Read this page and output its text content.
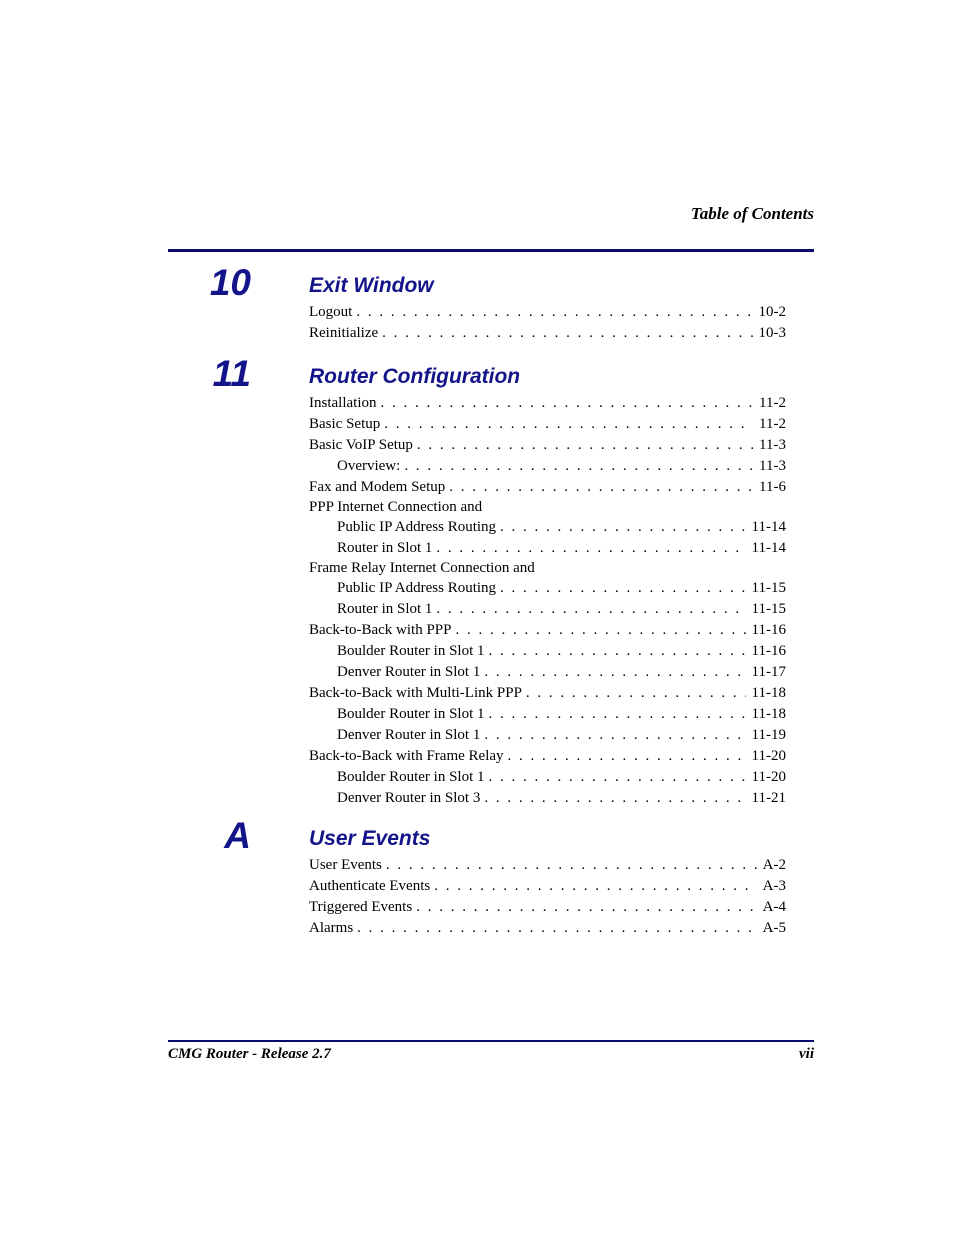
Table of Contents
10	Exit Window
Logout . . .	10-2
Reinitialize . . .	10-3
11	Router Configuration
Installation . . .	11-2
Basic Setup . . .	11-2
Basic VoIP Setup . . .	11-3
Overview: . . .	11-3
Fax and Modem Setup . . .	11-6
PPP Internet Connection and
Public IP Address Routing . . .	11-14
Router in Slot 1 . . .	11-14
Frame Relay Internet Connection and
Public IP Address Routing . . .	11-15
Router in Slot 1 . . .	11-15
Back-to-Back with PPP . . .	11-16
Boulder Router in Slot 1 . . .	11-16
Denver Router in Slot 1 . . .	11-17
Back-to-Back with Multi-Link PPP . . .	11-18
Boulder Router in Slot 1 . . .	11-18
Denver Router in Slot 1 . . .	11-19
Back-to-Back with Frame Relay . . .	11-20
Boulder Router in Slot 1 . . .	11-20
Denver Router in Slot 3 . . .	11-21
A	User Events
User Events . . .	A-2
Authenticate Events . . .	A-3
Triggered Events . . .	A-4
Alarms . . .	A-5
CMG Router - Release 2.7	vii
